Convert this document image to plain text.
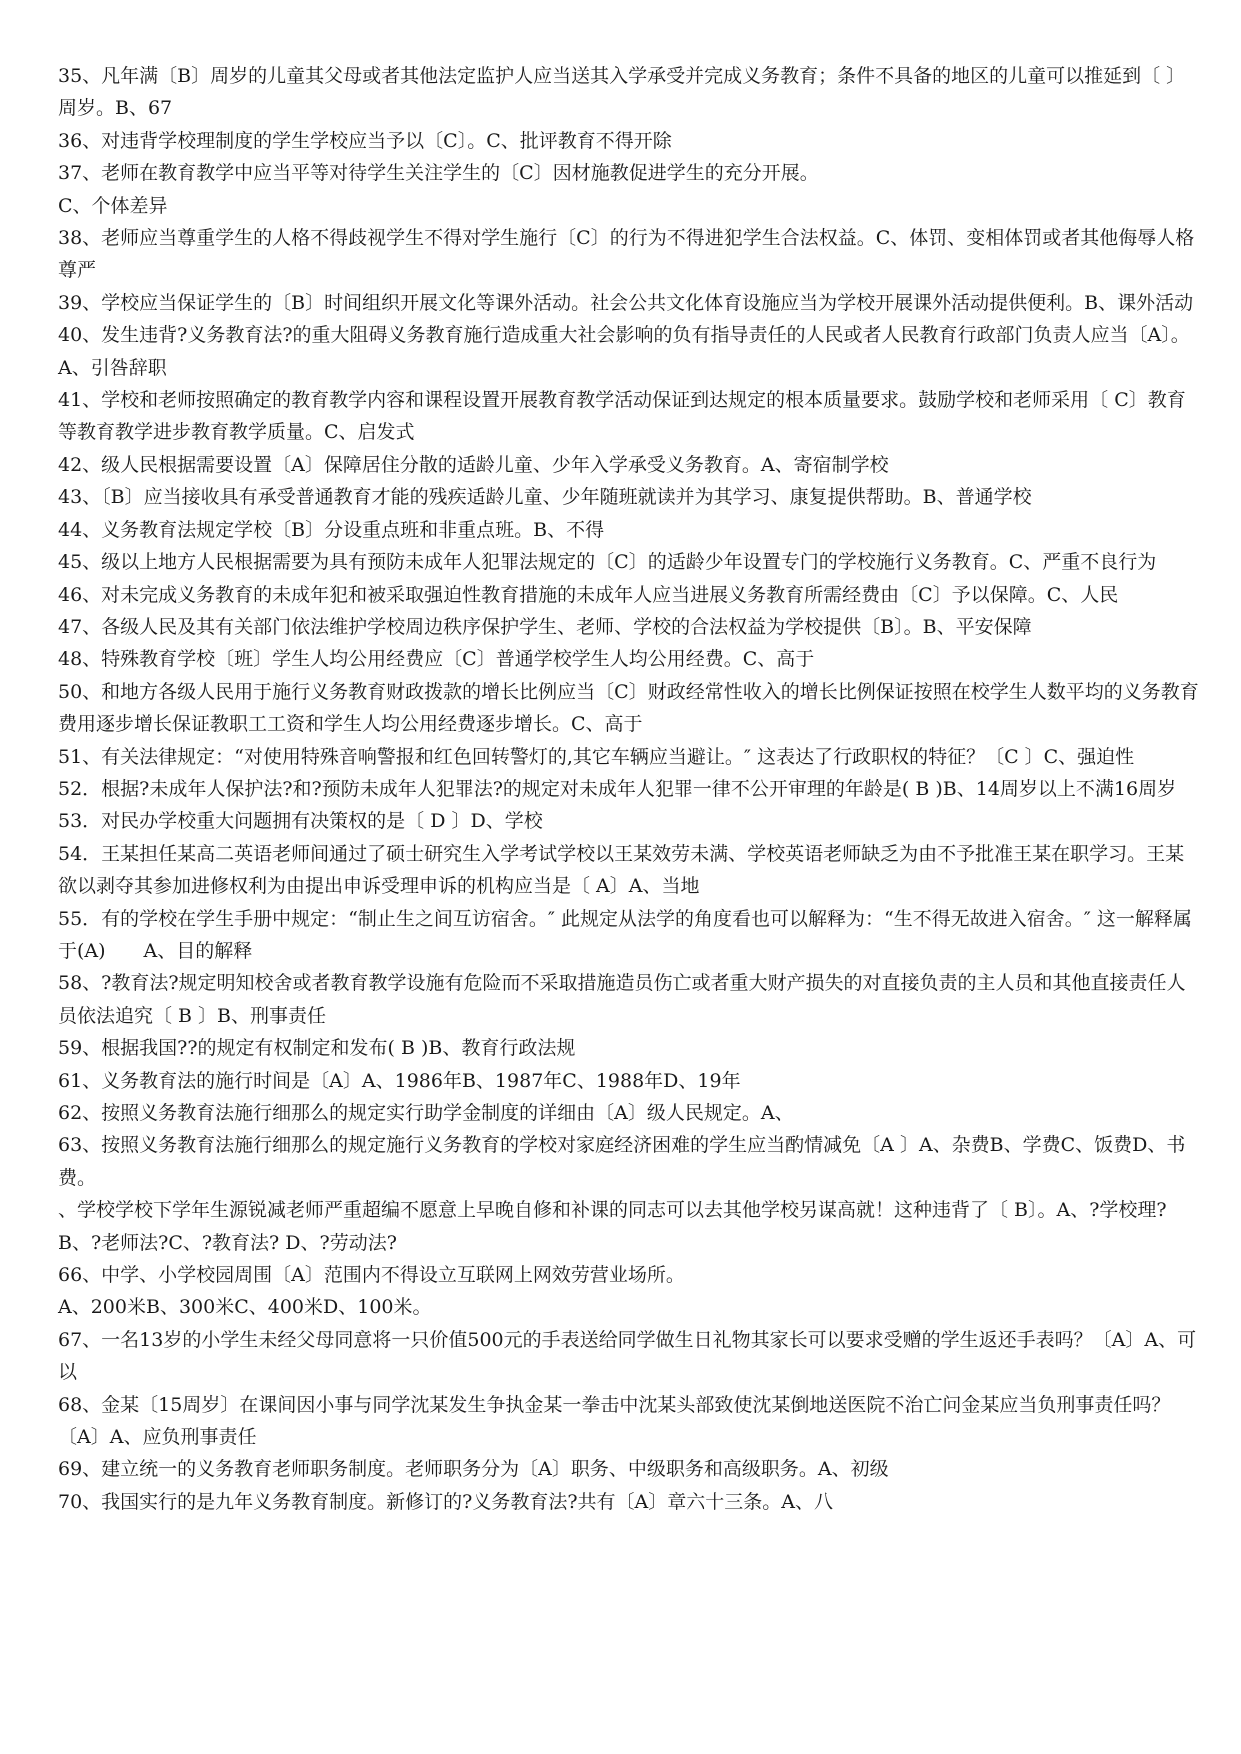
35、凡年满〔B〕周岁的儿童其父母或者其他法定监护人应当送其入学承受并完成义务教育；条件不具备的地区的儿童可以推延到〔 〕周岁。B、67

36、对违背学校理制度的学生学校应当予以〔C〕。C、批评教育不得开除

37、老师在教育教学中应当平等对待学生关注学生的〔C〕因材施教促进学生的充分开展。

C、个体差异

38、老师应当尊重学生的人格不得歧视学生不得对学生施行〔C〕的行为不得进犯学生合法权益。C、体罚、变相体罚或者其他侮辱人格尊严

39、学校应当保证学生的〔B〕时间组织开展文化等课外活动。社会公共文化体育设施应当为学校开展课外活动提供便利。B、课外活动

40、发生违背?义务教育法?的重大阻碍义务教育施行造成重大社会影响的负有指导责任的人民或者人民教育行政部门负责人应当〔A〕。A、引咎辞职

41、学校和老师按照确定的教育教学内容和课程设置开展教育教学活动保证到达规定的根本质量要求。鼓励学校和老师采用〔 C〕教育等教育教学进步教育教学质量。C、启发式

42、级人民根据需要设置〔A〕保障居住分散的适龄儿童、少年入学承受义务教育。A、寄宿制学校

43、〔B〕应当接收具有承受普通教育才能的残疾适龄儿童、少年随班就读并为其学习、康复提供帮助。B、普通学校

44、义务教育法规定学校〔B〕分设重点班和非重点班。B、不得

45、级以上地方人民根据需要为具有预防未成年人犯罪法规定的〔C〕的适龄少年设置专门的学校施行义务教育。C、严重不良行为

46、对未完成义务教育的未成年犯和被采取强迫性教育措施的未成年人应当进展义务教育所需经费由〔C〕予以保障。C、人民

47、各级人民及其有关部门依法维护学校周边秩序保护学生、老师、学校的合法权益为学校提供〔B〕。B、平安保障

48、特殊教育学校〔班〕学生人均公用经费应〔C〕普通学校学生人均公用经费。C、高于

50、和地方各级人民用于施行义务教育财政拨款的增长比例应当〔C〕财政经常性收入的增长比例保证按照在校学生人数平均的义务教育费用逐步增长保证教职工工资和学生人均公用经费逐步增长。C、高于

51、有关法律规定：“对使用特殊音响警报和红色回转警灯的,其它车辆应当避让。″ 这表达了行政职权的特征？〔C 〕C、强迫性

52．根据?未成年人保护法?和?预防未成年人犯罪法?的规定对未成年人犯罪一律不公开审理的年龄是( B )B、14周岁以上不满16周岁

53．对民办学校重大问题拥有决策权的是〔 D 〕D、学校

54．王某担任某高二英语老师间通过了硕士研究生入学考试学校以王某效劳未满、学校英语老师缺乏为由不予批准王某在职学习。王某欲以剥夺其参加进修权利为由提出申诉受理申诉的机构应当是〔 A〕A、当地

55．有的学校在学生手册中规定：“制止生之间互访宿舍。″ 此规定从法学的角度看也可以解释为：“生不得无故进入宿舍。″ 这一解释属于(A)　　A、目的解释

58、?教育法?规定明知校舍或者教育教学设施有危险而不采取措施造员伤亡或者重大财产损失的对直接负责的主人员和其他直接责任人员依法追究〔 B 〕B、刑事责任

59、根据我国??的规定有权制定和发布( B )B、教育行政法规

61、义务教育法的施行时间是〔A〕A、1986年B、1987年C、1988年D、19年

62、按照义务教育法施行细那么的规定实行助学金制度的详细由〔A〕级人民规定。A、

63、按照义务教育法施行细那么的规定施行义务教育的学校对家庭经济困难的学生应当酌情减免〔A 〕A、杂费B、学费C、饭费D、书费。

、学校学校下学年生源锐减老师严重超编不愿意上早晚自修和补课的同志可以去其他学校另谋高就！这种违背了〔 B〕。A、?学校理?　 B、?老师法?C、?教育法? D、?劳动法?

66、中学、小学校园周围〔A〕范围内不得设立互联网上网效劳营业场所。

A、200米B、300米C、400米D、100米。

67、一名13岁的小学生未经父母同意将一只价值500元的手表送给同学做生日礼物其家长可以要求受赠的学生返还手表吗？〔A〕A、可以

68、金某〔15周岁〕在课间因小事与同学沈某发生争执金某一拳击中沈某头部致使沈某倒地送医院不治亡问金某应当负刑事责任吗？〔A〕A、应负刑事责任

69、建立统一的义务教育老师职务制度。老师职务分为〔A〕职务、中级职务和高级职务。A、初级

70、我国实行的是九年义务教育制度。新修订的?义务教育法?共有〔A〕章六十三条。A、八
